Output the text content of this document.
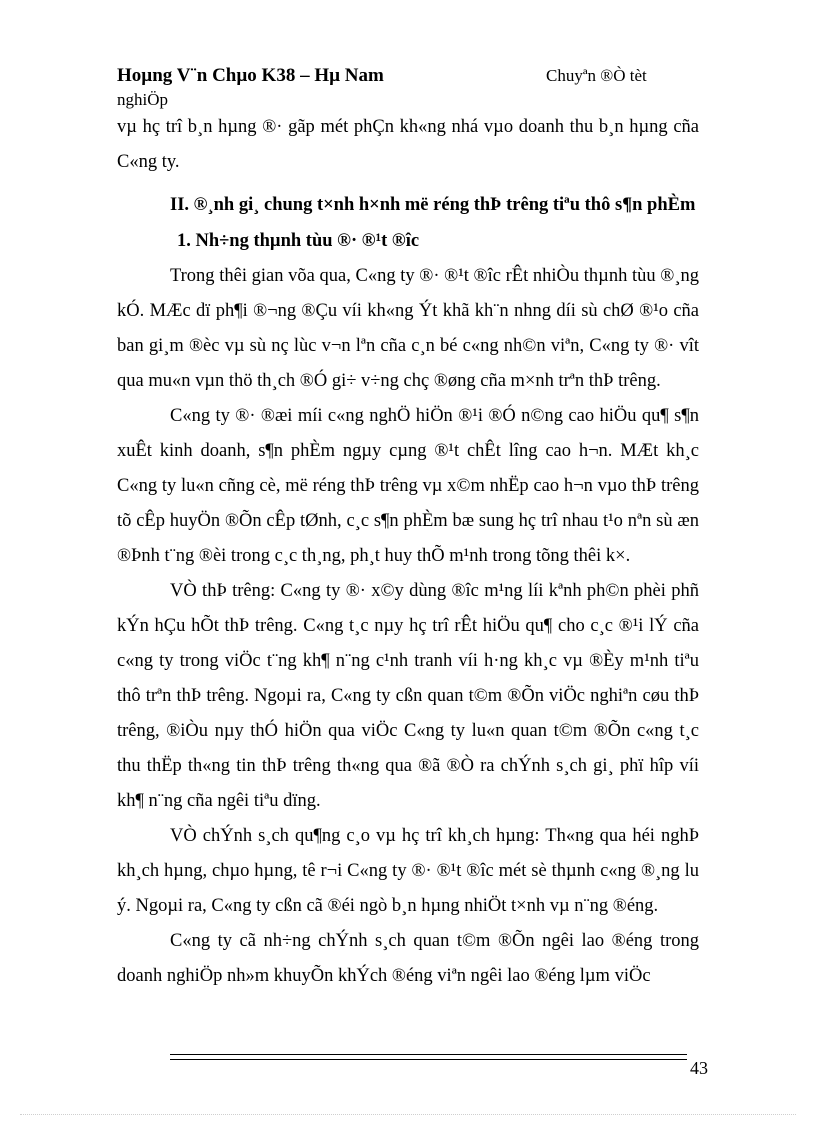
Hoµng V¨n Chµo K38 – Hµ Nam	Chuyªn ®Ò tèt
nghiÖp

vµ hç trî b¸n hµng ®· gãp mét phÇn kh«ng nhá vµo doanh thu b¸n hµng cña C«ng ty.

II. ®¸nh gi¸ chung t×nh h×nh më réng thÞ trêng tiªu thô s¶n phÈm

1. Nh÷ng thµnh tùu ®· ®¹t ®îc

Trong thêi gian võa qua, C«ng ty ®· ®¹t ®îc rÊt nhiÒu thµnh tùu ®¸ng kÓ. MÆc dï ph¶i ®¬ng ®Çu víi kh«ng Ýt khã kh¨n nhng díi sù chØ ®¹o cña ban gi¸m ®èc vµ sù nç lùc v¬n lªn cña c¸n bé c«ng nh©n viªn, C«ng ty ®· vît qua mu«n vµn thö th¸ch ®Ó gi÷ v÷ng chç ®øng cña m×nh trªn thÞ trêng.

C«ng ty ®· ®æi míi c«ng nghÖ hiÖn ®¹i ®Ó n©ng cao hiÖu qu¶ s¶n xuÊt kinh doanh, s¶n phÈm ngµy cµng ®¹t chÊt lîng cao h¬n. MÆt kh¸c C«ng ty lu«n cñng cè, më réng thÞ trêng vµ x©m nhËp cao h¬n vµo thÞ trêng tõ cÊp huyÖn ®Õn cÊp tØnh, c¸c s¶n phÈm bæ sung hç trî nhau t¹o nªn sù æn ®Þnh t¨ng ®èi trong c¸c th¸ng, ph¸t huy thÕ m¹nh trong tõng thêi k×.

VÒ thÞ trêng: C«ng ty ®· x©y dùng ®îc m¹ng líi kªnh ph©n phèi phñ kÝn hÇu hÕt thÞ trêng. C«ng t¸c nµy hç trî rÊt hiÖu qu¶ cho c¸c ®¹i lÝ cña c«ng ty trong viÖc t¨ng kh¶ n¨ng c¹nh tranh víi h·ng kh¸c vµ ®Èy m¹nh tiªu thô trªn thÞ trêng. Ngoµi ra, C«ng ty cßn quan t©m ®Õn viÖc nghiªn cøu thÞ trêng, ®iÒu nµy thÓ hiÖn qua viÖc C«ng ty lu«n quan t©m ®Õn c«ng t¸c thu thËp th«ng tin thÞ trêng th«ng qua ®ã ®Ò ra chÝnh s¸ch gi¸ phï hîp víi kh¶ n¨ng cña ngêi tiªu dïng.

VÒ chÝnh s¸ch qu¶ng c¸o vµ hç trî kh¸ch hµng: Th«ng qua héi nghÞ kh¸ch hµng, chµo hµng, tê r¬i C«ng ty ®· ®¹t ®îc mét sè thµnh c«ng ®¸ng lu ý. Ngoµi ra, C«ng ty cßn cã ®éi ngò b¸n hµng nhiÖt t×nh vµ n¨ng ®éng.

C«ng ty cã nh÷ng chÝnh s¸ch quan t©m ®Õn ngêi lao ®éng trong doanh nghiÖp nh»m khuyÕn khÝch ®éng viªn ngêi lao ®éng lµm viÖc

43
